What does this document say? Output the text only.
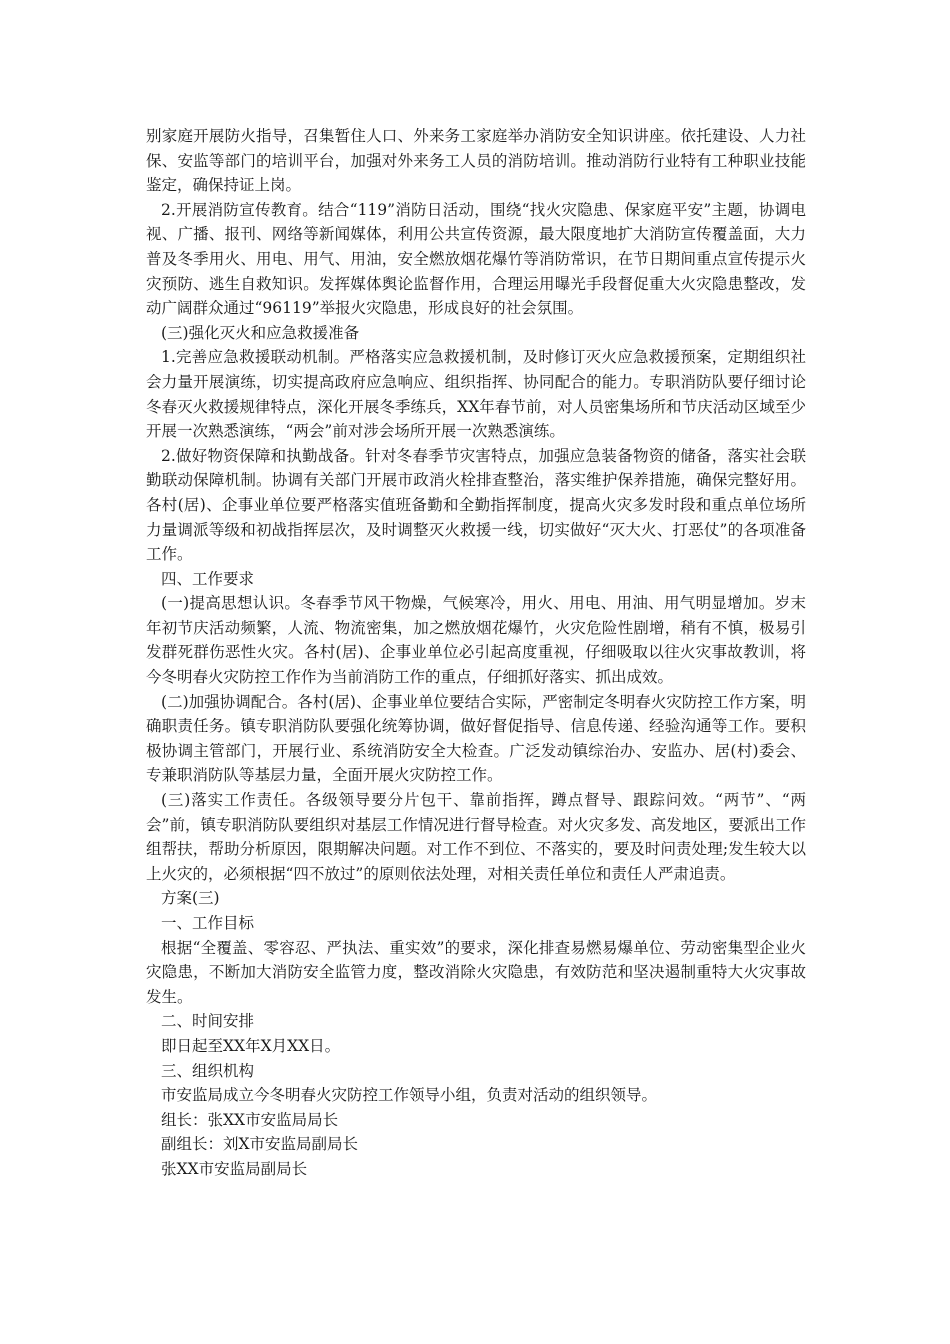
别家庭开展防火指导，召集暂住人口、外来务工家庭举办消防安全知识讲座。依托建设、人力社保、安监等部门的培训平台，加强对外来务工人员的消防培训。推动消防行业特有工种职业技能鉴定，确保持证上岗。

2.开展消防宣传教育。结合“119”消防日活动，围绕“找火灾隐患、保家庭平安”主题，协调电视、广播、报刊、网络等新闻媒体，利用公共宣传资源，最大限度地扩大消防宣传覆盖面，大力普及冬季用火、用电、用气、用油，安全燃放烟花爆竹等消防常识，在节日期间重点宣传提示火灾预防、逃生自救知识。发挥媒体舆论监督作用，合理运用曝光手段督促重大火灾隐患整改，发动广阔群众通过“96119”举报火灾隐患，形成良好的社会氛围。

(三)强化灭火和应急救援准备

1.完善应急救援联动机制。严格落实应急救援机制，及时修订灭火应急救援预案，定期组织社会力量开展演练，切实提高政府应急响应、组织指挥、协同配合的能力。专职消防队要仔细讨论冬春灭火救援规律特点，深化开展冬季练兵，XX年春节前，对人员密集场所和节庆活动区域至少开展一次熟悉演练，“两会”前对涉会场所开展一次熟悉演练。

2.做好物资保障和执勤战备。针对冬春季节灾害特点，加强应急装备物资的储备，落实社会联勤联动保障机制。协调有关部门开展市政消火栓排查整治，落实维护保养措施，确保完整好用。各村(居)、企事业单位要严格落实值班备勤和全勤指挥制度，提高火灾多发时段和重点单位场所力量调派等级和初战指挥层次，及时调整灭火救援一线，切实做好“灭大火、打恶仗”的各项准备工作。

四、工作要求

(一)提高思想认识。冬春季节风干物燥，气候寒冷，用火、用电、用油、用气明显增加。岁末年初节庆活动频繁，人流、物流密集，加之燃放烟花爆竹，火灾危险性剧增，稍有不慎，极易引发群死群伤恶性火灾。各村(居)、企事业单位必引起高度重视，仔细吸取以往火灾事故教训，将今冬明春火灾防控工作作为当前消防工作的重点，仔细抓好落实、抓出成效。

(二)加强协调配合。各村(居)、企事业单位要结合实际，严密制定冬明春火灾防控工作方案，明确职责任务。镇专职消防队要强化统筹协调，做好督促指导、信息传递、经验沟通等工作。要积极协调主管部门，开展行业、系统消防安全大检查。广泛发动镇综治办、安监办、居(村)委会、专兼职消防队等基层力量，全面开展火灾防控工作。

(三)落实工作责任。各级领导要分片包干、靠前指挥，蹲点督导、跟踪问效。“两节”、“两会”前，镇专职消防队要组织对基层工作情况进行督导检查。对火灾多发、高发地区，要派出工作组帮扶，帮助分析原因，限期解决问题。对工作不到位、不落实的，要及时问责处理;发生较大以上火灾的，必须根据“四不放过”的原则依法处理，对相关责任单位和责任人严肃追责。

方案(三)

一、工作目标

根据“全覆盖、零容忍、严执法、重实效”的要求，深化排查易燃易爆单位、劳动密集型企业火灾隐患，不断加大消防安全监管力度，整改消除火灾隐患，有效防范和坚决遏制重特大火灾事故发生。

二、时间安排

即日起至XX年X月XX日。

三、组织机构

市安监局成立今冬明春火灾防控工作领导小组，负责对活动的组织领导。

组长：张XX市安监局局长

副组长：刘X市安监局副局长

张XX市安监局副局长
